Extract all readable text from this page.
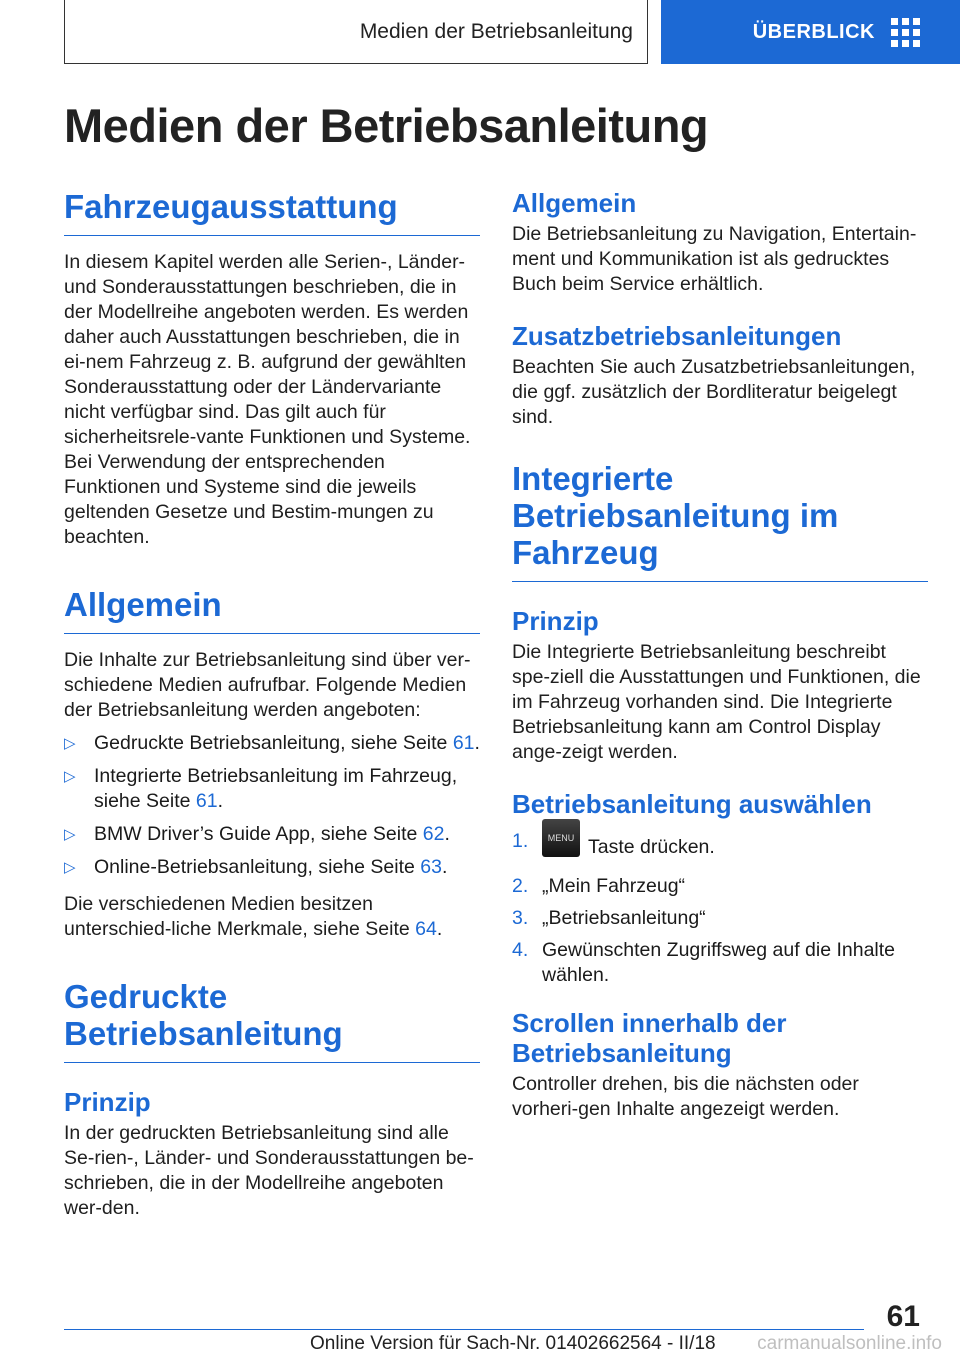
Medien der Betriebsanleitung	ÜBERBLICK
Medien der Betriebsanleitung
Fahrzeugausstattung

In diesem Kapitel werden alle Serien-, Länder- und Sonderausstattungen beschrieben, die in der Modellreihe angeboten werden. Es werden daher auch Ausstattungen beschrieben, die in ei-nem Fahrzeug z. B. aufgrund der gewählten Sonderausstattung oder der Ländervariante nicht verfügbar sind. Das gilt auch für sicherheitsrele-vante Funktionen und Systeme. Bei Verwendung der entsprechenden Funktionen und Systeme sind die jeweils geltenden Gesetze und Bestim-mungen zu beachten.

Allgemein

Die Inhalte zur Betriebsanleitung sind über ver-schiedene Medien aufrufbar. Folgende Medien der Betriebsanleitung werden angeboten:

▷ Gedruckte Betriebsanleitung, siehe Seite 61.
▷ Integrierte Betriebsanleitung im Fahrzeug, siehe Seite 61.
▷ BMW Driver’s Guide App, siehe Seite 62.
▷ Online-Betriebsanleitung, siehe Seite 63.

Die verschiedenen Medien besitzen unterschied-liche Merkmale, siehe Seite 64.

Gedruckte Betriebsanleitung
Prinzip

In der gedruckten Betriebsanleitung sind alle Se-rien-, Länder- und Sonderausstattungen be-schrieben, die in der Modellreihe angeboten wer-den.

Allgemein

Die Betriebsanleitung zu Navigation, Entertain-ment und Kommunikation ist als gedrucktes Buch beim Service erhältlich.

Zusatzbetriebsanleitungen

Beachten Sie auch Zusatzbetriebsanleitungen, die ggf. zusätzlich der Bordliteratur beigelegt sind.

Integrierte Betriebsanleitung im Fahrzeug
Prinzip

Die Integrierte Betriebsanleitung beschreibt spe-ziell die Ausstattungen und Funktionen, die im Fahrzeug vorhanden sind. Die Integrierte Betriebsanleitung kann am Control Display ange-zeigt werden.

Betriebsanleitung auswählen
1. MENU Taste drücken.
2. „Mein Fahrzeug“
3. „Betriebsanleitung“
4. Gewünschten Zugriffsweg auf die Inhalte wählen.
Scrollen innerhalb der Betriebsanleitung

Controller drehen, bis die nächsten oder vorheri-gen Inhalte angezeigt werden.

61
Online Version für Sach-Nr. 01402662564 - II/18 carmanualsonline.info
